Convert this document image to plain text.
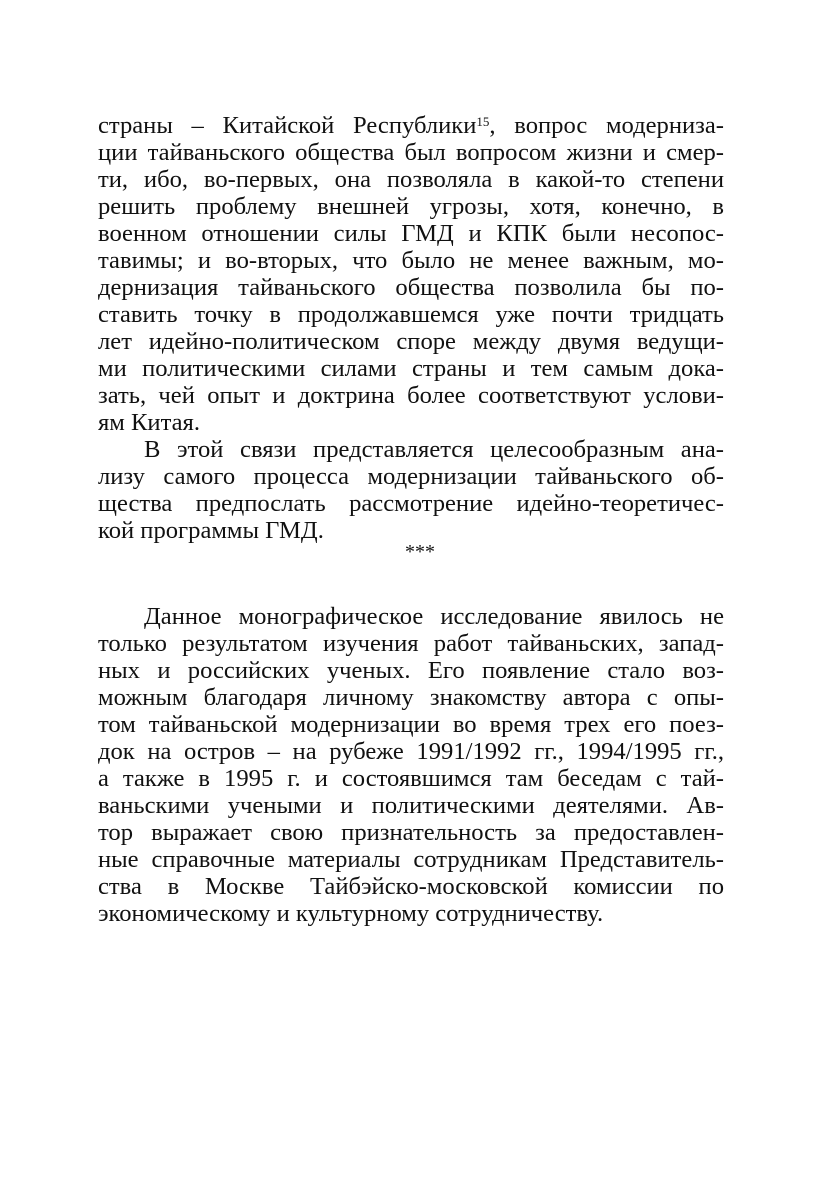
страны – Китайской Республики$^{15}$, вопрос модерниза-
ции тайваньского общества был вопросом жизни и смер-
ти, ибо, во-первых, она позволяла в какой-то степени
решить проблему внешней угрозы, хотя, конечно, в
военном отношении силы ГМД и КПК были несопос-
тавимы; и во-вторых, что было не менее важным, мо-
дернизация тайваньского общества позволила бы по-
ставить точку в продолжавшемся уже почти тридцать
лет идейно-политическом споре между двумя ведущи-
ми политическими силами страны и тем самым дока-
зать, чей опыт и доктрина более соответствуют услови-
ям Китая.
В этой связи представляется целесообразным ана-
лизу самого процесса модернизации тайваньского об-
щества предпослать рассмотрение идейно-теоретичес-
кой программы ГМД.
***
Данное монографическое исследование явилось не
только результатом изучения работ тайваньских, запад-
ных и российских ученых. Его появление стало воз-
можным благодаря личному знакомству автора с опы-
том тайваньской модернизации во время трех его поез-
док на остров – на рубеже 1991/1992 гг., 1994/1995 гг.,
а также в 1995 г. и состоявшимся там беседам с тай-
ваньскими учеными и политическими деятелями. Ав-
тор выражает свою признательность за предоставлен-
ные справочные материалы сотрудникам Представитель-
ства в Москве Тайбэйско-московской комиссии по
экономическому и культурному сотрудничеству.
